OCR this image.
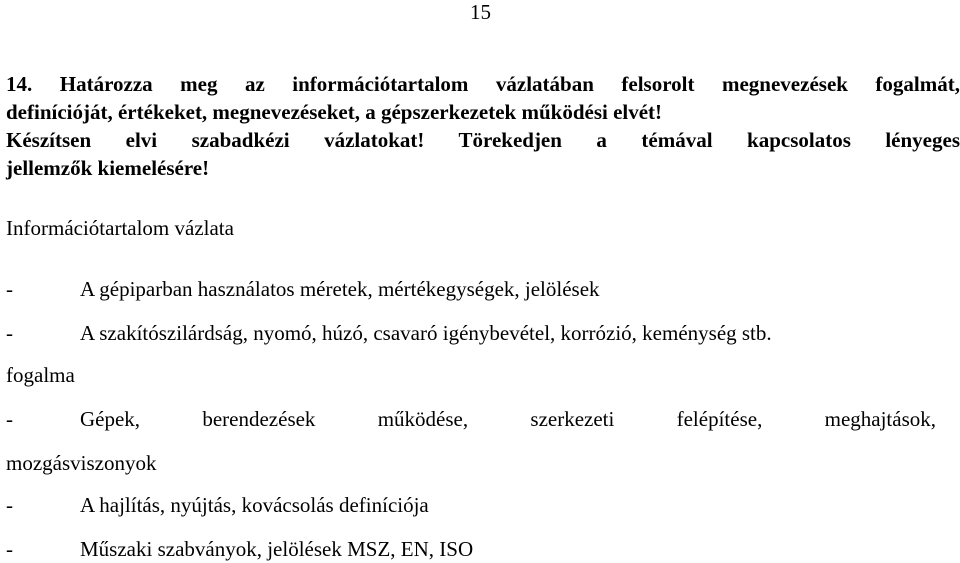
15
14. Határozza meg az információtartalom vázlatában felsorolt megnevezések fogalmát,
definícióját, értékeket, megnevezéseket, a gépszerkezetek működési elvét!
Készítsen elvi szabadkézi vázlatokat! Törekedjen a témával kapcsolatos lényeges
jellemzők kiemelésére!
Információtartalom vázlata
-	A gépiparban használatos méretek, mértékegységek, jelölések
-	A szakítószilárdság, nyomó, húzó, csavaró igénybevétel, korrózió, keménység stb.
fogalma
-	Gépek, berendezések működése, szerkezeti felépítése, meghajtások,
mozgásviszonyok
-	A hajlítás, nyújtás, kovácsolás definíciója
-	Műszaki szabványok, jelölések MSZ, EN, ISO
